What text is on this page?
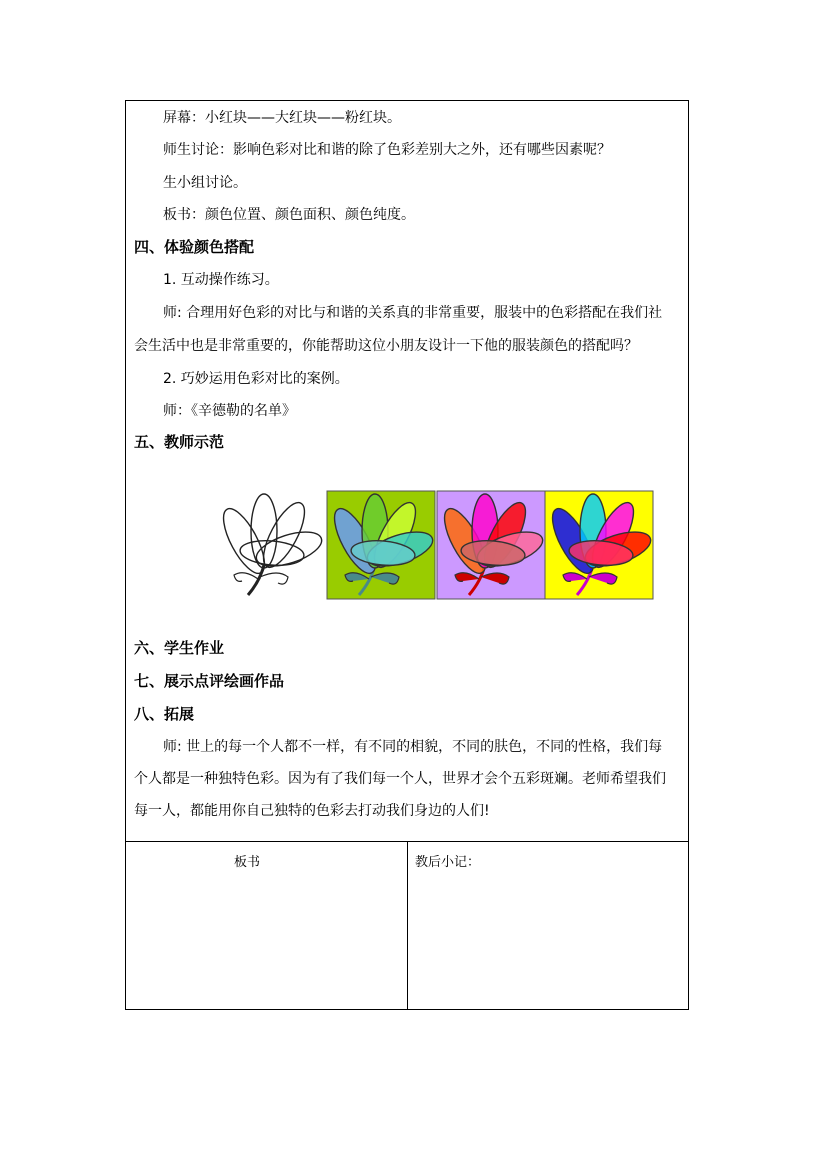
屏幕：小红块——大红块——粉红块。
师生讨论：影响色彩对比和谐的除了色彩差别大之外，还有哪些因素呢？
生小组讨论。
板书：颜色位置、颜色面积、颜色纯度。
四、体验颜色搭配
1. 互动操作练习。
师: 合理用好色彩的对比与和谐的关系真的非常重要，服装中的色彩搭配在我们社
会生活中也是非常重要的，你能帮助这位小朋友设计一下他的服装颜色的搭配吗？
2. 巧妙运用色彩对比的案例。
师：《辛德勒的名单》
五、教师示范
六、学生作业
七、展示点评绘画作品
八、拓展
师: 世上的每一个人都不一样，有不同的相貌，不同的肤色，不同的性格，我们每
个人都是一种独特色彩。因为有了我们每一个人，世界才会个五彩斑斓。老师希望我们
每一人，都能用你自己独特的色彩去打动我们身边的人们!
板书	教后小记：
